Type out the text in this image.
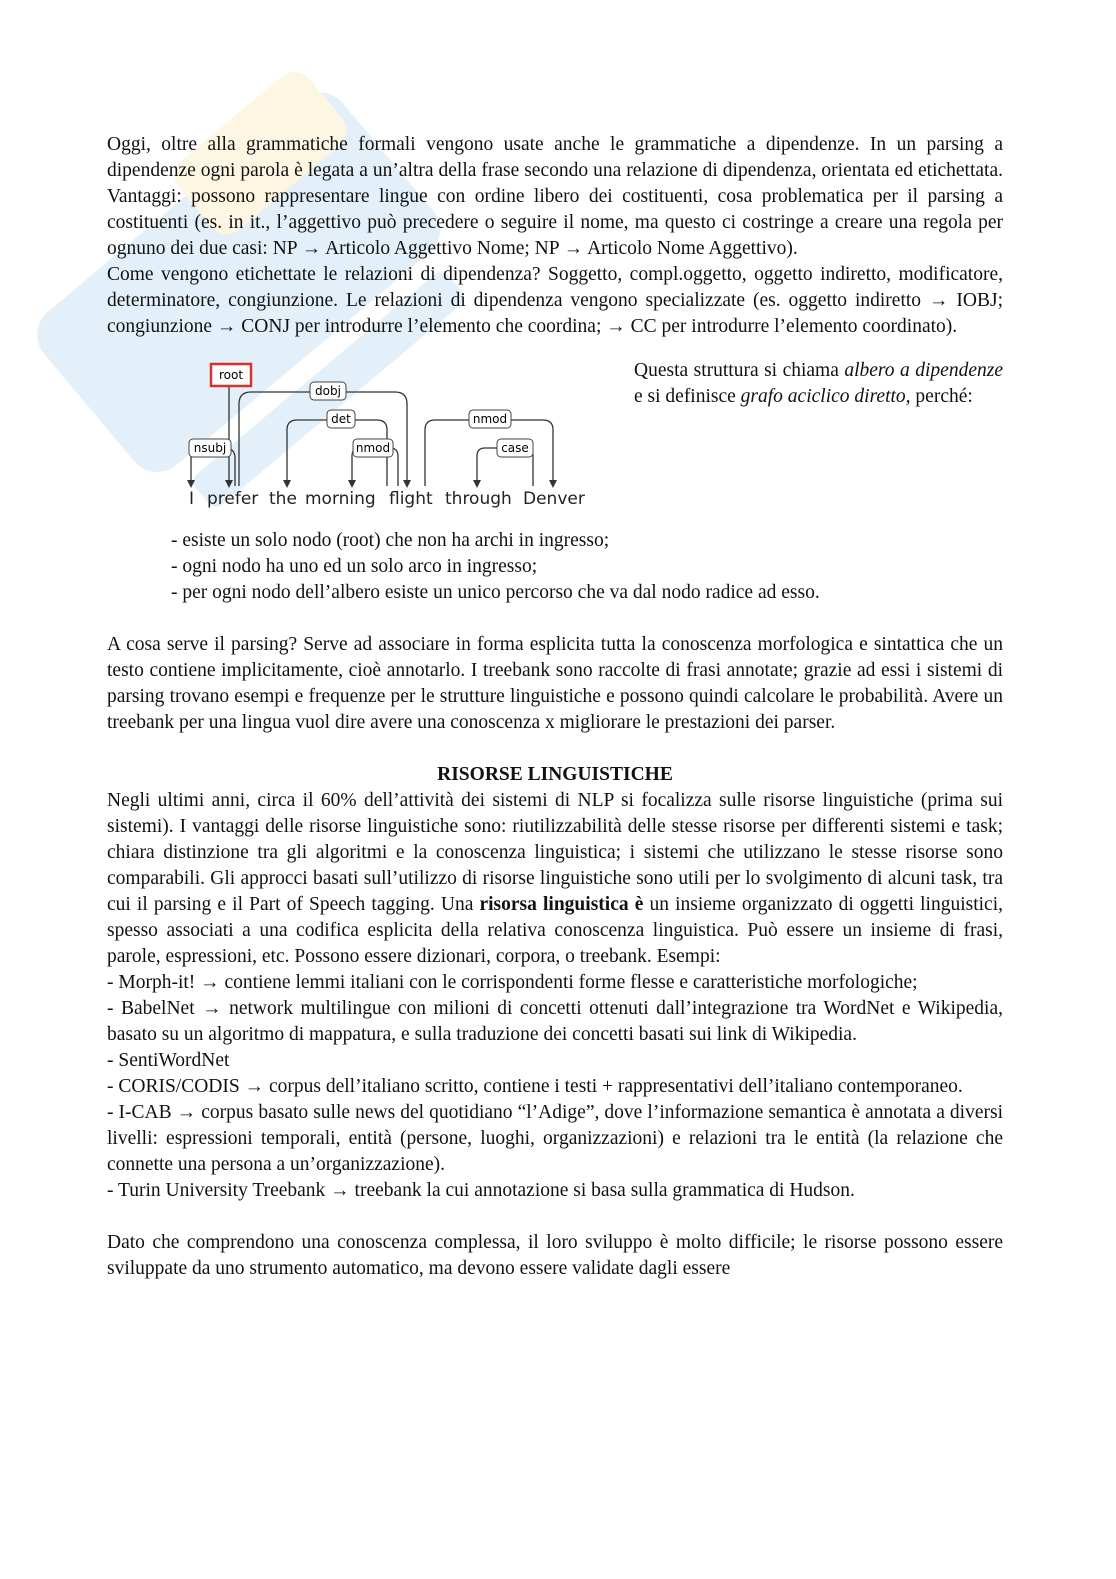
Oggi, oltre alla grammatiche formali vengono usate anche le grammatiche a dipendenze. In un parsing a dipendenze ogni parola è legata a un’altra della frase secondo una relazione di dipendenza, orientata ed etichettata. Vantaggi: possono rappresentare lingue con ordine libero dei costituenti, cosa problematica per il parsing a costituenti (es. in it., l’aggettivo può precedere o seguire il nome, ma questo ci costringe a creare una regola per ognuno dei due casi: NP → Articolo Aggettivo Nome; NP → Articolo Nome Aggettivo).

Come vengono etichettate le relazioni di dipendenza? Soggetto, compl.oggetto, oggetto indiretto, modificatore, determinatore, congiunzione. Le relazioni di dipendenza vengono specializzate (es. oggetto indiretto → IOBJ; congiunzione → CONJ per introdurre l’elemento che coordina; → CC per introdurre l’elemento coordinato).

root
dobj
det
nmod
nsubj
nmod
case
I prefer the morning flight through Denver

Questa struttura si chiama albero a dipendenze e si definisce grafo aciclico diretto, perché:

- esiste un solo nodo (root) che non ha archi in ingresso;
- ogni nodo ha uno ed un solo arco in ingresso;
- per ogni nodo dell’albero esiste un unico percorso che va dal nodo radice ad esso.

A cosa serve il parsing? Serve ad associare in forma esplicita tutta la conoscenza morfologica e sintattica che un testo contiene implicitamente, cioè annotarlo. I treebank sono raccolte di frasi annotate; grazie ad essi i sistemi di parsing trovano esempi e frequenze per le strutture linguistiche e possono quindi calcolare le probabilità. Avere un treebank per una lingua vuol dire avere una conoscenza x migliorare le prestazioni dei parser.

RISORSE LINGUISTICHE

Negli ultimi anni, circa il 60% dell’attività dei sistemi di NLP si focalizza sulle risorse linguistiche (prima sui sistemi). I vantaggi delle risorse linguistiche sono: riutilizzabilità delle stesse risorse per differenti sistemi e task; chiara distinzione tra gli algoritmi e la conoscenza linguistica; i sistemi che utilizzano le stesse risorse sono comparabili. Gli approcci basati sull’utilizzo di risorse linguistiche sono utili per lo svolgimento di alcuni task, tra cui il parsing e il Part of Speech tagging. Una risorsa linguistica è un insieme organizzato di oggetti linguistici, spesso associati a una codifica esplicita della relativa conoscenza linguistica. Può essere un insieme di frasi, parole, espressioni, etc. Possono essere dizionari, corpora, o treebank. Esempi:

- Morph-it! → contiene lemmi italiani con le corrispondenti forme flesse e caratteristiche morfologiche;

- BabelNet → network multilingue con milioni di concetti ottenuti dall’integrazione tra WordNet e Wikipedia, basato su un algoritmo di mappatura, e sulla traduzione dei concetti basati sui link di Wikipedia.

- SentiWordNet

- CORIS/CODIS → corpus dell’italiano scritto, contiene i testi + rappresentativi dell’italiano contemporaneo.

- I-CAB → corpus basato sulle news del quotidiano “l’Adige”, dove l’informazione semantica è annotata a diversi livelli: espressioni temporali, entità (persone, luoghi, organizzazioni) e relazioni tra le entità (la relazione che connette una persona a un’organizzazione).

- Turin University Treebank → treebank la cui annotazione si basa sulla grammatica di Hudson.

Dato che comprendono una conoscenza complessa, il loro sviluppo è molto difficile; le risorse possono essere sviluppate da uno strumento automatico, ma devono essere validate dagli essere
